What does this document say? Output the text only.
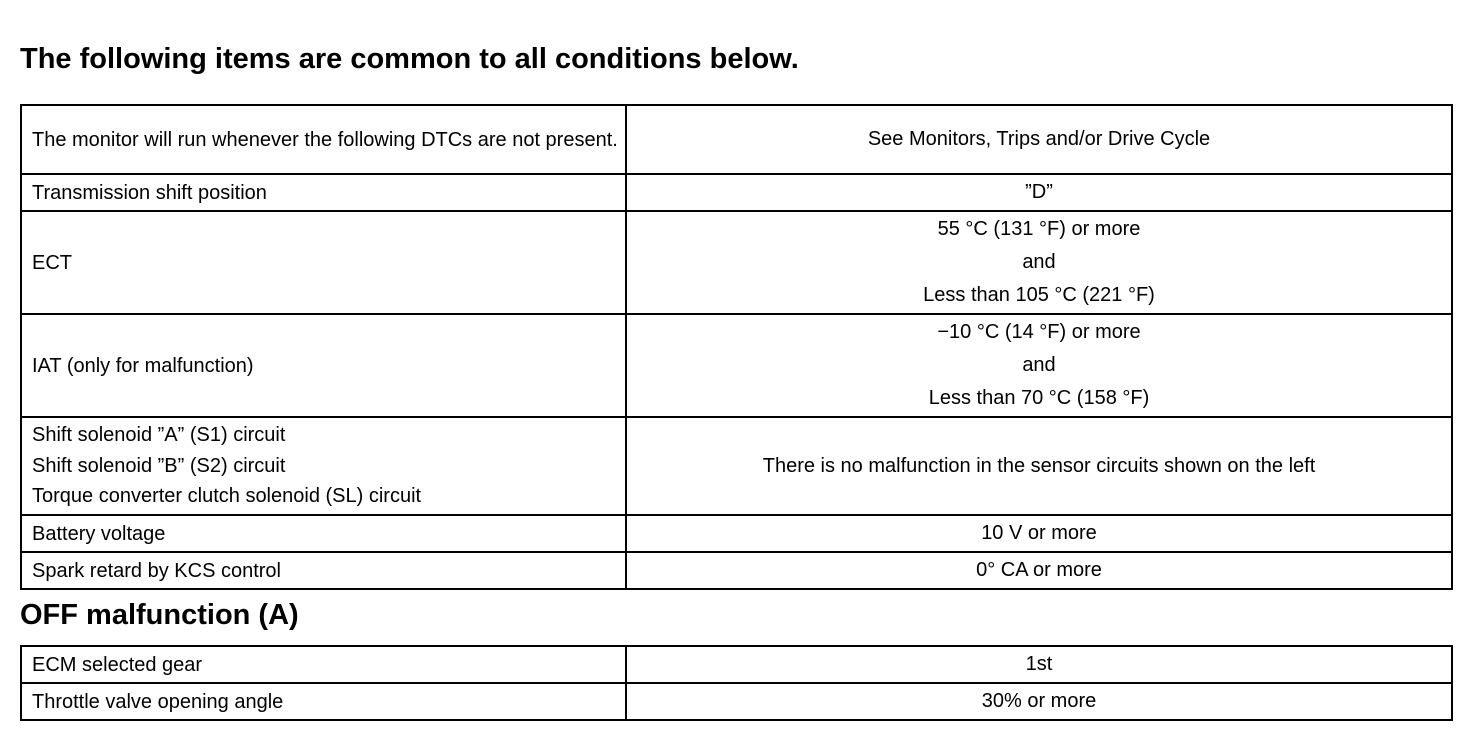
The following items are common to all conditions below.
The monitor will run whenever the following DTCs are not present.	See Monitors, Trips and/or Drive Cycle
Transmission shift position	”D”
ECT	55 °C (131 °F) or more
and
Less than 105 °C (221 °F)

IAT (only for malfunction)	−10 °C (14 °F) or more
and
Less than 70 °C (158 °F)

Shift solenoid ”A” (S1) circuit
Shift solenoid ”B” (S2) circuit
Torque converter clutch solenoid (SL) circuit	There is no malfunction in the sensor circuits shown on the left
Battery voltage	10 V or more
Spark retard by KCS control	0° CA or more
OFF malfunction (A)
ECM selected gear	1st
Throttle valve opening angle	30% or more
